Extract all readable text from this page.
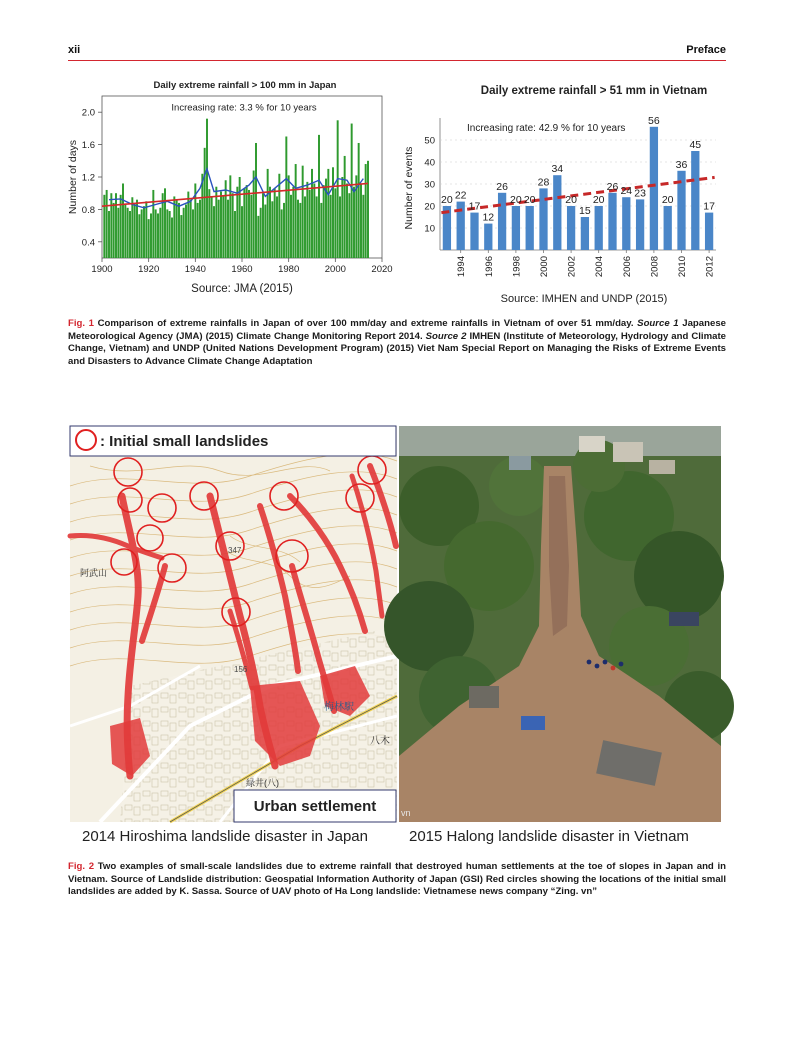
xii	Preface
Daily extreme rainfall > 100 mm in Japan
1900	1920	1940	1960	1980	2000	2020
0.4
0.8
1.2
1.6
2.0	Increasing rate: 3.3 % for 10 years
Number of days
Source: JMA (2015)
Daily extreme rainfall > 51 mm in Vietnam
10
20
30
40
50
20 22
17
12
26
20 20
28
34
20
15
20
26 24 23
56
20
36
45
17
1994 1996 1998 2000 2002 2004 2006 2008 2010 2012
Increasing rate: 42.9 % for 10 years
Number of events
Source: IMHEN and UNDP (2015)
Fig. 1 Comparison of extreme rainfalls in Japan of over 100 mm/day and extreme rainfalls in Vietnam of over 51 mm/day. Source 1 Japanese Meteorological Agency (JMA) (2015) Climate Change Monitoring Report 2014. Source 2 IMHEN (Institute of Meteorology, Hydrology and Climate Change, Vietnam) and UNDP (United Nations Development Program) (2015) Viet Nam Special Report on Managing the Risks of Extreme Events and Disasters to Advance Climate Change Adaptation
347
156
梅林駅
八木
緑井(八)
阿武山
: Initial small landslides
Urban settlement	vn
2014 Hiroshima landslide disaster in Japan	2015 Halong landslide disaster in Vietnam
Fig. 2 Two examples of small-scale landslides due to extreme rainfall that destroyed human settlements at the toe of slopes in Japan and in Vietnam. Source of Landslide distribution: Geospatial Information Authority of Japan (GSI) Red circles showing the locations of the initial small landslides are added by K. Sassa. Source of UAV photo of Ha Long landslide: Vietnamese news company “Zing. vn”
